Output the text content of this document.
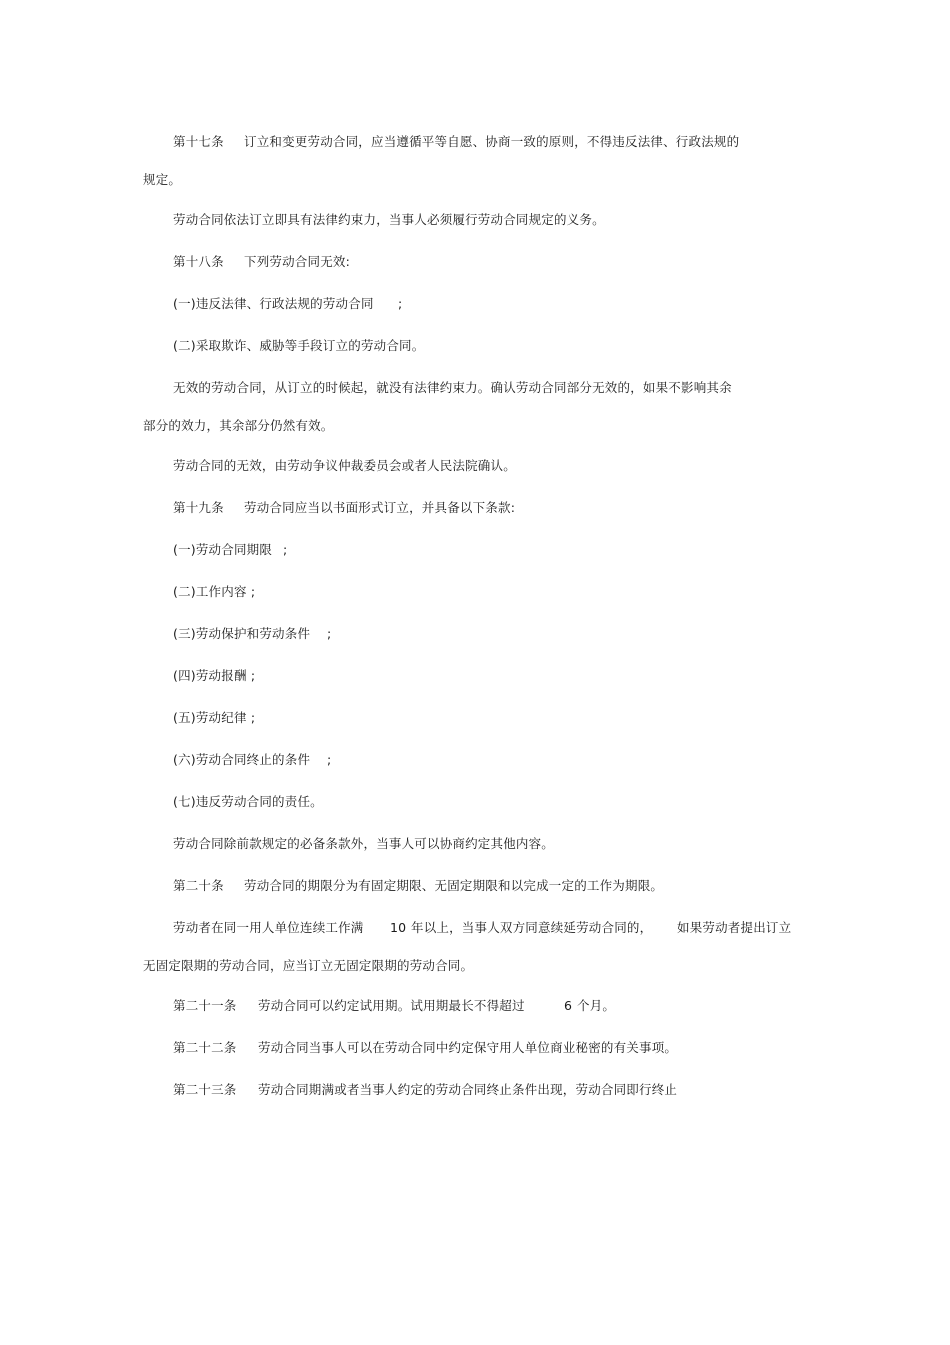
第十七条 订立和变更劳动合同，应当遵循平等自愿、协商一致的原则，不得违反法律、行政法规的
规定。
劳动合同依法订立即具有法律约束力，当事人必须履行劳动合同规定的义务。
第十八条 下列劳动合同无效:
(一)违反法律、行政法规的劳动合同 ;
(二)采取欺诈、威胁等手段订立的劳动合同。
无效的劳动合同，从订立的时候起，就没有法律约束力。确认劳动合同部分无效的，如果不影响其余
部分的效力，其余部分仍然有效。
劳动合同的无效，由劳动争议仲裁委员会或者人民法院确认。
第十九条 劳动合同应当以书面形式订立，并具备以下条款:
(一)劳动合同期限 ;
(二)工作内容 ;
(三)劳动保护和劳动条件 ;
(四)劳动报酬 ;
(五)劳动纪律 ;
(六)劳动合同终止的条件 ;
(七)违反劳动合同的责任。
劳动合同除前款规定的必备条款外，当事人可以协商约定其他内容。
第二十条 劳动合同的期限分为有固定期限、无固定期限和以完成一定的工作为期限。
劳动者在同一用人单位连续工作满 10 年以上，当事人双方同意续延劳动合同的， 如果劳动者提出订立
无固定限期的劳动合同，应当订立无固定限期的劳动合同。
第二十一条 劳动合同可以约定试用期。试用期最长不得超过	6 个月。
第二十二条 劳动合同当事人可以在劳动合同中约定保守用人单位商业秘密的有关事项。
第二十三条 劳动合同期满或者当事人约定的劳动合同终止条件出现，劳动合同即行终止
